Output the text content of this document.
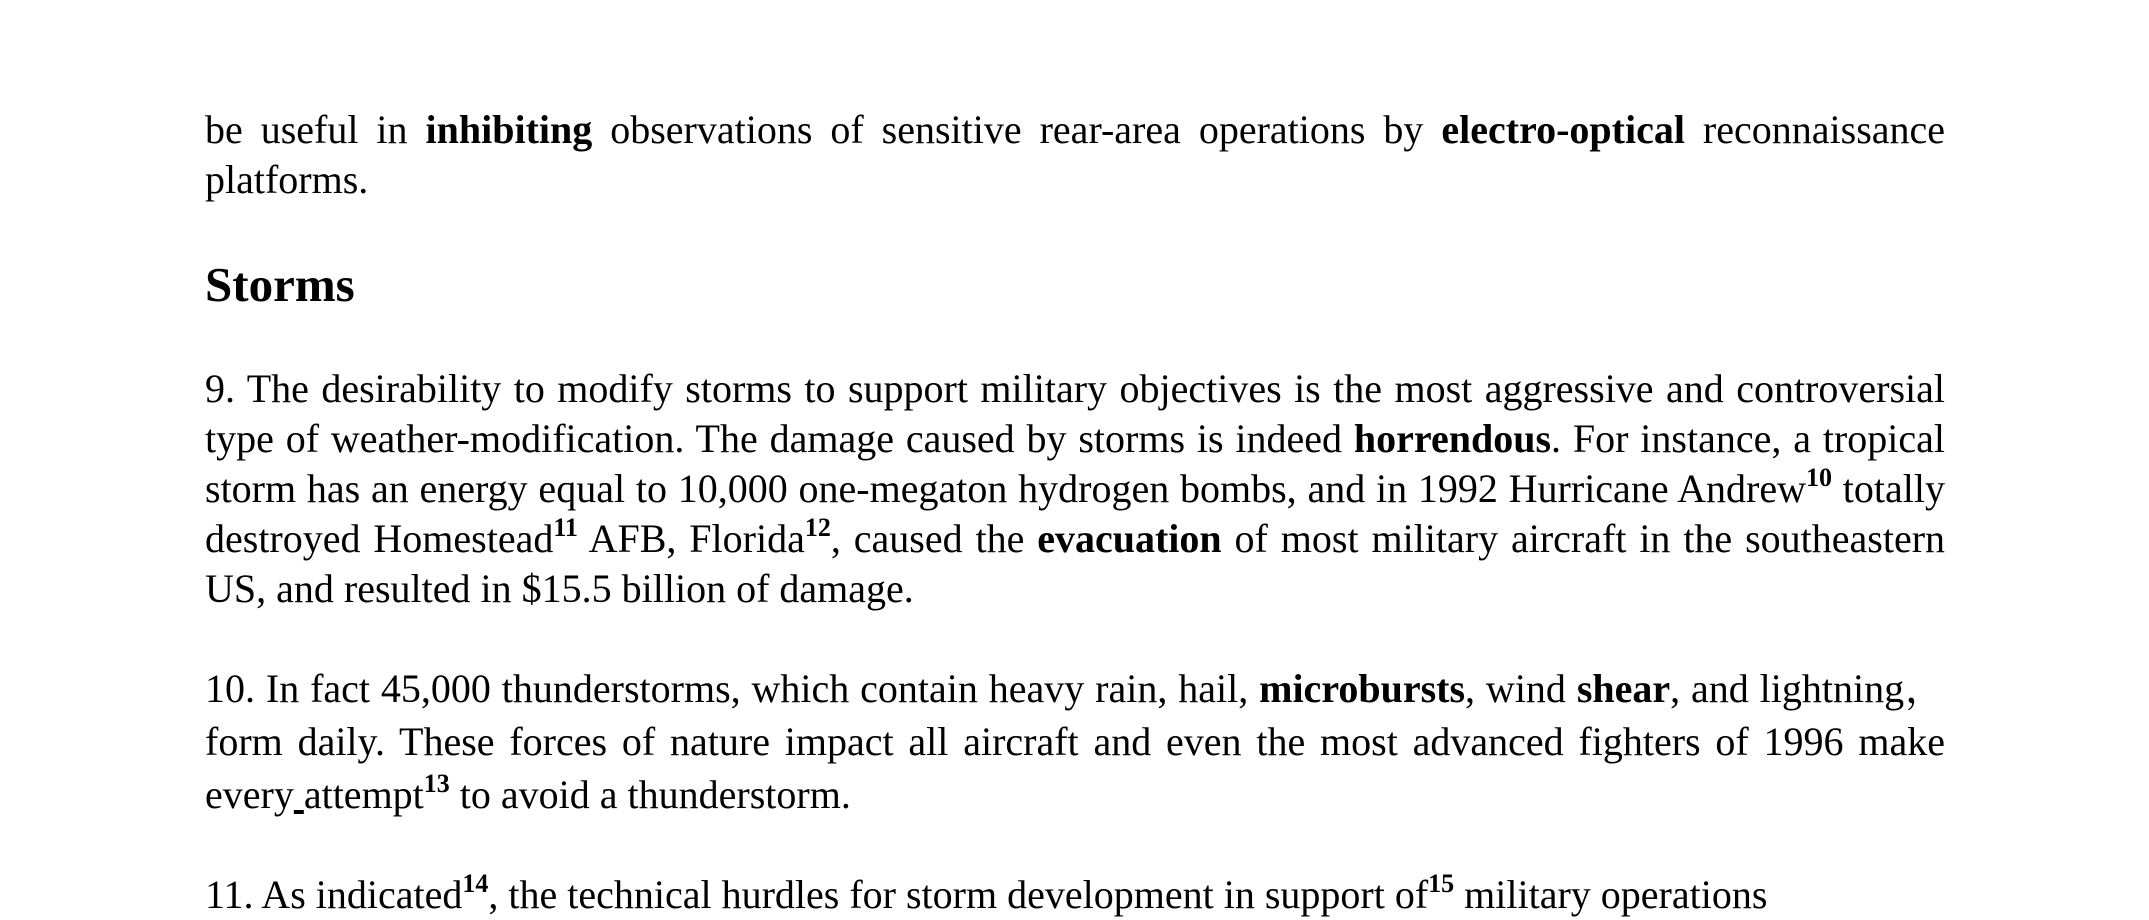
be useful in inhibiting observations of sensitive rear-area operations by electro-optical reconnaissance platforms.

Storms

9. The desirability to modify storms to support military objectives is the most aggressive and controversial type of weather-modification. The damage caused by storms is indeed horrendous. For instance, a tropical storm has an energy equal to 10,000 one-megaton hydrogen bombs, and in 1992 Hurricane Andrew$^{10}$ totally destroyed Homestead$^{11}$ AFB, Florida$^{12}$, caused the evacuation of most military aircraft in the southeastern US, and resulted in $15.5 billion of damage.

10. In fact 45,000 thunderstorms, which contain heavy rain, hail, microbursts, wind shear, and lightning， form daily. These forces of nature impact all aircraft and even the most advanced fighters of 1996 make every attempt$^{13}$ to avoid a thunderstorm.

11. As indicated$^{14}$, the technical hurdles for storm development in support $of^{15}$ military operations
